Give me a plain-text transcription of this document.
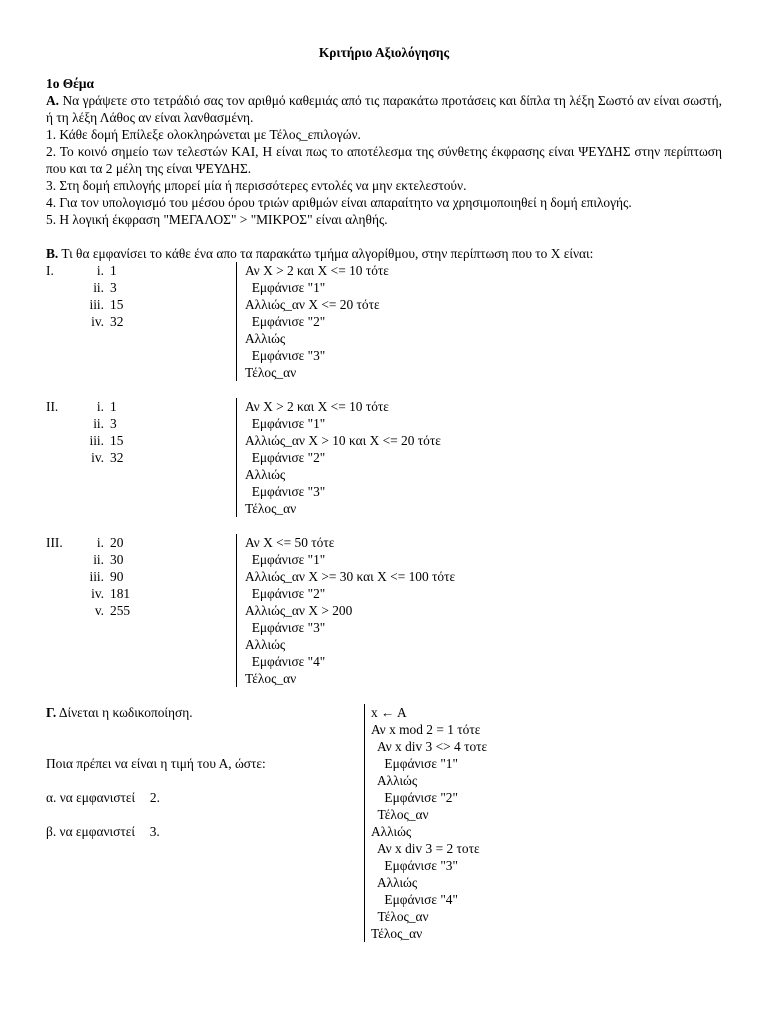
Κριτήριο Αξιολόγησης
1ο Θέμα
Α. Να γράψετε στο τετράδιό σας τον αριθμό καθεμιάς από τις παρακάτω προτάσεις και δίπλα τη λέξη Σωστό αν είναι σωστή, ή τη λέξη Λάθος αν είναι λανθασμένη.
1. Κάθε δομή Επίλεξε ολοκληρώνεται με Τέλος_επιλογών.
2. Το κοινό σημείο των τελεστών ΚΑΙ, Η είναι πως το αποτέλεσμα της σύνθετης έκφρασης είναι ΨΕΥΔΗΣ στην περίπτωση που και τα 2 μέλη της είναι ΨΕΥΔΗΣ.
3. Στη δομή επιλογής μπορεί μία ή περισσότερες εντολές να μην εκτελεστούν.
4. Για τον υπολογισμό του μέσου όρου τριών αριθμών είναι απαραίτητο να χρησιμοποιηθεί η δομή επιλογής.
5. Η λογική έκφραση "ΜΕΓΑΛΟΣ" > "ΜΙΚΡΟΣ" είναι αληθής.
Β. Τι θα εμφανίσει το κάθε ένα απο τα παρακάτω τμήμα αλγορίθμου, στην περίπτωση που το Χ είναι:
I.	i. 1
ii. 3
iii. 15
iv. 32
Αν Χ > 2 και Χ <= 10 τότε
Εμφάνισε "1"
Αλλιώς_αν Χ <= 20 τότε
Εμφάνισε "2"
Αλλιώς
Εμφάνισε "3"
Τέλος_αν
II.	i. 1
ii. 3
iii. 15
iv. 32
Αν Χ > 2 και Χ <= 10 τότε
Εμφάνισε "1"
Αλλιώς_αν Χ > 10 και Χ <= 20 τότε
Εμφάνισε "2"
Αλλιώς
Εμφάνισε "3"
Τέλος_αν
III.	i. 20
ii. 30
iii. 90
iv. 181
v. 255
Αν Χ <= 50 τότε
Εμφάνισε "1"
Αλλιώς_αν Χ >= 30 και Χ <= 100 τότε
Εμφάνισε "2"
Αλλιώς_αν Χ > 200
Εμφάνισε "3"
Αλλιώς
Εμφάνισε "4"
Τέλος_αν
Γ. Δίνεται η κωδικοποίηση.
Ποια πρέπει να είναι η τιμή του Α, ώστε:
α. να εμφανιστεί 2.
β. να εμφανιστεί 3.
x ← A
Αν x mod 2 = 1 τότε
Αν x div 3 <> 4 τοτε
Εμφάνισε "1"
Αλλιώς
Εμφάνισε "2"
Τέλος_αν
Αλλιώς
Αν x div 3 = 2 τοτε
Εμφάνισε "3"
Αλλιώς
Εμφάνισε "4"
Τέλος_αν
Τέλος_αν
